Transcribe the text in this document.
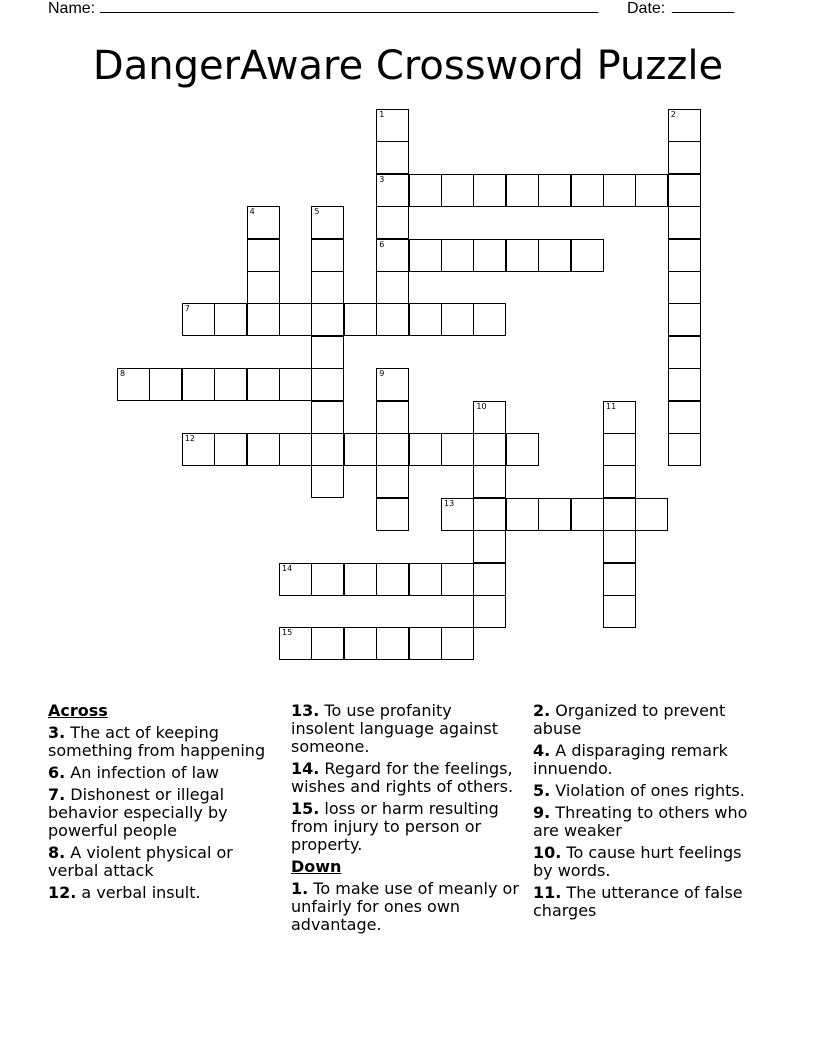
Name: ________________________________________________________ Date: _______
DangerAware Crossword Puzzle
1	2
3
4	5
6
7
8	9
10	11
12
13
14
15
Across
3. The act of keeping something from happening
6. An infection of law
7. Dishonest or illegal behavior especially by powerful people
8. A violent physical or verbal attack
12. a verbal insult.
13. To use profanity insolent language against someone.
14. Regard for the feelings, wishes and rights of others.
15. loss or harm resulting from injury to person or property.
Down
1. To make use of meanly or unfairly for ones own advantage.
2. Organized to prevent abuse
4. A disparaging remark innuendo.
5. Violation of ones rights.
9. Threating to others who are weaker
10. To cause hurt feelings by words.
11. The utterance of false charges
